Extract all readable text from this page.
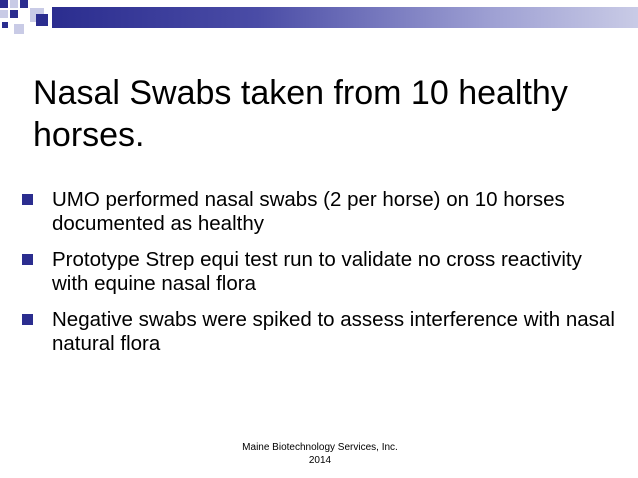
Nasal Swabs taken from 10 healthy horses.
UMO performed nasal swabs (2 per horse) on 10 horses documented as healthy
Prototype Strep equi test run to validate no cross reactivity with equine nasal flora
Negative swabs were spiked to assess interference with nasal natural flora
Maine Biotechnology Services, Inc.
2014
